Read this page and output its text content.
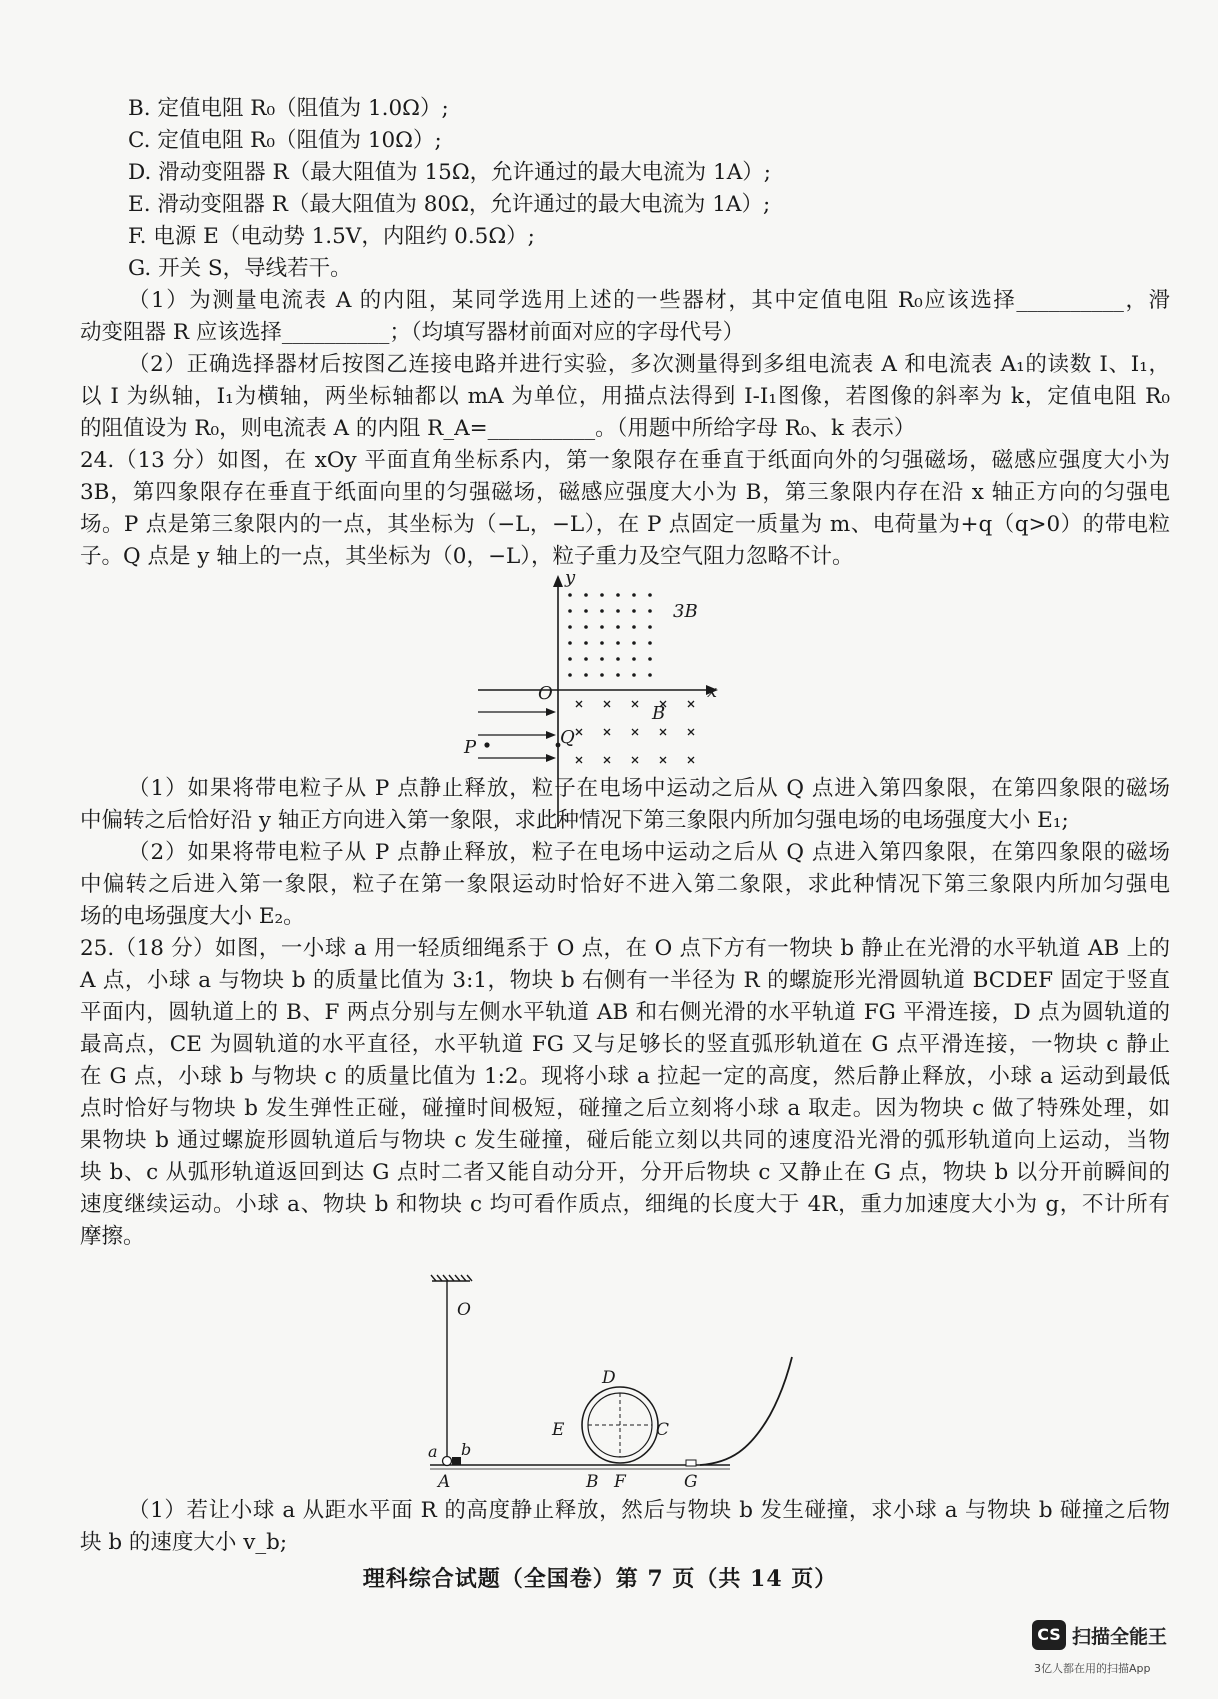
B. 定值电阻 R₀（阻值为 1.0Ω）;
C. 定值电阻 R₀（阻值为 10Ω）;
D. 滑动变阻器 R（最大阻值为 15Ω，允许通过的最大电流为 1A）;
E. 滑动变阻器 R（最大阻值为 80Ω，允许通过的最大电流为 1A）;
F. 电源 E（电动势 1.5V，内阻约 0.5Ω）;
G. 开关 S，导线若干。
（1）为测量电流表 A 的内阻，某同学选用上述的一些器材，其中定值电阻 R₀应该选择__________，滑
动变阻器 R 应该选择__________；（均填写器材前面对应的字母代号）
（2）正确选择器材后按图乙连接电路并进行实验，多次测量得到多组电流表 A 和电流表 A₁的读数 I、I₁，
以 I 为纵轴，I₁为横轴，两坐标轴都以 mA 为单位，用描点法得到 I-I₁图像，若图像的斜率为 k，定值电阻 R₀
的阻值设为 R₀，则电流表 A 的内阻 R_A=__________。（用题中所给字母 R₀、k 表示）
24.（13 分）如图，在 xOy 平面直角坐标系内，第一象限存在垂直于纸面向外的匀强磁场，磁感应强度大小为
3B，第四象限存在垂直于纸面向里的匀强磁场，磁感应强度大小为 B，第三象限内存在沿 x 轴正方向的匀强电
场。P 点是第三象限内的一点，其坐标为（−L，−L），在 P 点固定一质量为 m、电荷量为+q（q>0）的带电粒
子。Q 点是 y 轴上的一点，其坐标为（0，−L），粒子重力及空气阻力忽略不计。
y
x
O
3B
B
Q
P
（1）如果将带电粒子从 P 点静止释放，粒子在电场中运动之后从 Q 点进入第四象限，在第四象限的磁场
中偏转之后恰好沿 y 轴正方向进入第一象限，求此种情况下第三象限内所加匀强电场的电场强度大小 E₁;
（2）如果将带电粒子从 P 点静止释放，粒子在电场中运动之后从 Q 点进入第四象限，在第四象限的磁场
中偏转之后进入第一象限，粒子在第一象限运动时恰好不进入第二象限，求此种情况下第三象限内所加匀强电
场的电场强度大小 E₂。
25.（18 分）如图，一小球 a 用一轻质细绳系于 O 点，在 O 点下方有一物块 b 静止在光滑的水平轨道 AB 上的
A 点，小球 a 与物块 b 的质量比值为 3:1，物块 b 右侧有一半径为 R 的螺旋形光滑圆轨道 BCDEF 固定于竖直
平面内，圆轨道上的 B、F 两点分别与左侧水平轨道 AB 和右侧光滑的水平轨道 FG 平滑连接，D 点为圆轨道的
最高点，CE 为圆轨道的水平直径，水平轨道 FG 又与足够长的竖直弧形轨道在 G 点平滑连接，一物块 c 静止
在 G 点，小球 b 与物块 c 的质量比值为 1:2。现将小球 a 拉起一定的高度，然后静止释放，小球 a 运动到最低
点时恰好与物块 b 发生弹性正碰，碰撞时间极短，碰撞之后立刻将小球 a 取走。因为物块 c 做了特殊处理，如
果物块 b 通过螺旋形圆轨道后与物块 c 发生碰撞，碰后能立刻以共同的速度沿光滑的弧形轨道向上运动，当物
块 b、c 从弧形轨道返回到达 G 点时二者又能自动分开，分开后物块 c 又静止在 G 点，物块 b 以分开前瞬间的
速度继续运动。小球 a、物块 b 和物块 c 均可看作质点，细绳的长度大于 4R，重力加速度大小为 g，不计所有
摩擦。
O
D
E	C
a b
A	B F	G
（1）若让小球 a 从距水平面 R 的高度静止释放，然后与物块 b 发生碰撞，求小球 a 与物块 b 碰撞之后物
块 b 的速度大小 v_b;
理科综合试题（全国卷）第 7 页（共 14 页）
CS 扫描全能王
3亿人都在用的扫描App
